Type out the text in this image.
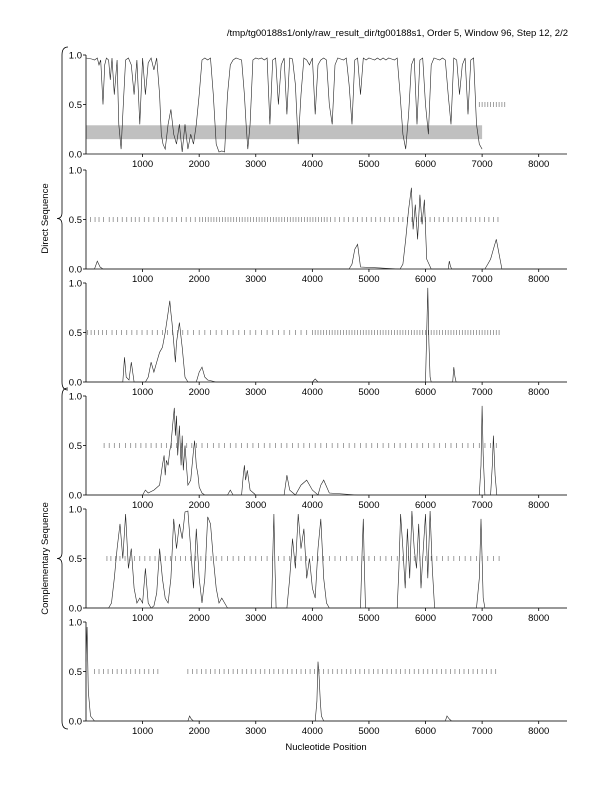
/tmp/tg00188s1/only/raw_result_dir/tg00188s1, Order 5, Window 96, Step 12, 2/2
0.0
0.5
1.0
1000	2000	3000	4000	5000	6000	7000	8000
0.0
0.5
1.0
1000	2000	3000	4000	5000	6000	7000	8000
0.0
0.5
1.0
1000	2000	3000	4000	5000	6000	7000	8000
0.0
0.5
1.0
1000	2000	3000	4000	5000	6000	7000	8000
0.0
0.5
1.0
1000	2000	3000	4000	5000	6000	7000	8000
0.0
0.5
1.0
1000	2000	3000	4000	5000	6000	7000	8000
Direct Sequence
Complementary Sequence
Nucleotide Position
